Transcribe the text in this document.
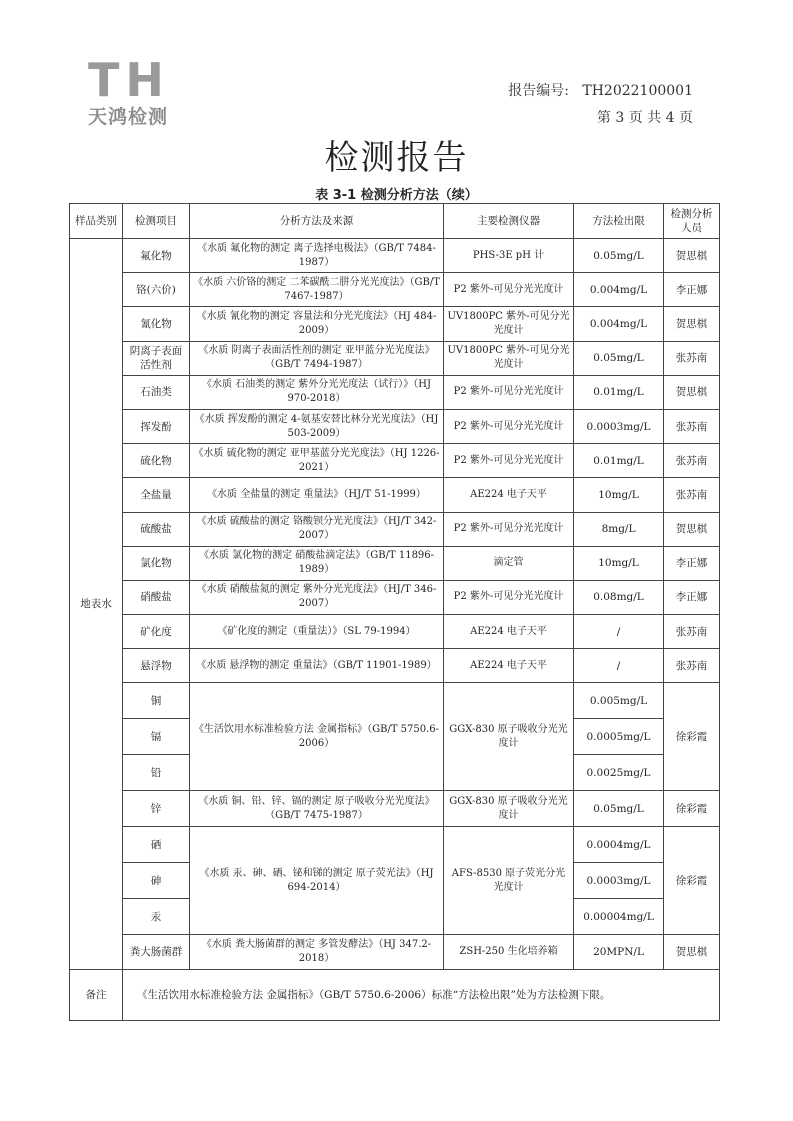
TH
天鸿检测
报告编号: TH2022100001
第 3 页 共 4 页
检测报告
表 3-1 检测分析方法（续）
样品类别	检测项目	分析方法及来源	主要检测仪器	方法检出限	检测分析人员
地表水	氟化物	《水质 氟化物的测定 离子选择电极法》（GB/T 7484-1987）	PHS-3E pH 计	0.05mg/L	贺思棋
	铬(六价)	《水质 六价铬的测定 二苯碳酰二肼分光光度法》（GB/T 7467-1987）	P2 紫外-可见分光光度计	0.004mg/L	李正娜
	氰化物	《水质 氰化物的测定 容量法和分光光度法》（HJ 484-2009）	UV1800PC 紫外-可见分光光度计	0.004mg/L	贺思棋
	阴离子表面活性剂	《水质 阴离子表面活性剂的测定 亚甲蓝分光光度法》（GB/T 7494-1987）	UV1800PC 紫外-可见分光光度计	0.05mg/L	张苏南
	石油类	《水质 石油类的测定 紫外分光光度法（试行）》（HJ 970-2018）	P2 紫外-可见分光光度计	0.01mg/L	贺思棋
	挥发酚	《水质 挥发酚的测定 4-氨基安替比林分光光度法》（HJ 503-2009）	P2 紫外-可见分光光度计	0.0003mg/L	张苏南
	硫化物	《水质 硫化物的测定 亚甲基蓝分光光度法》（HJ 1226-2021）	P2 紫外-可见分光光度计	0.01mg/L	张苏南
	全盐量	《水质 全盐量的测定 重量法》（HJ/T 51-1999）	AE224 电子天平	10mg/L	张苏南
	硫酸盐	《水质 硫酸盐的测定 铬酸钡分光光度法》（HJ/T 342-2007）	P2 紫外-可见分光光度计	8mg/L	贺思棋
	氯化物	《水质 氯化物的测定 硝酸盐滴定法》（GB/T 11896-1989）	滴定管	10mg/L	李正娜
	硝酸盐	《水质 硝酸盐氮的测定 紫外分光光度法》（HJ/T 346-2007）	P2 紫外-可见分光光度计	0.08mg/L	李正娜
	矿化度	《矿化度的测定（重量法）》（SL 79-1994）	AE224 电子天平	/	张苏南
	悬浮物	《水质 悬浮物的测定 重量法》（GB/T 11901-1989）	AE224 电子天平	/	张苏南
	铜	《生活饮用水标准检验方法 金属指标》（GB/T 5750.6-2006）	GGX-830 原子吸收分光光度计	0.005mg/L	徐彩霞
	镉			0.0005mg/L	
	铅			0.0025mg/L	
	锌	《水质 铜、铅、锌、镉的测定 原子吸收分光光度法》（GB/T 7475-1987）	GGX-830 原子吸收分光光度计	0.05mg/L	徐彩霞
	硒	《水质 汞、砷、硒、铋和锑的测定 原子荧光法》（HJ 694-2014）	AFS-8530 原子荧光分光光度计	0.0004mg/L	徐彩霞
	砷			0.0003mg/L	
	汞			0.00004mg/L	
	粪大肠菌群	《水质 粪大肠菌群的测定 多管发酵法》（HJ 347.2-2018）	ZSH-250 生化培养箱	20MPN/L	贺思棋
备注	《生活饮用水标准检验方法 金属指标》（GB/T 5750.6-2006）标准“方法检出限”处为方法检测下限。				
